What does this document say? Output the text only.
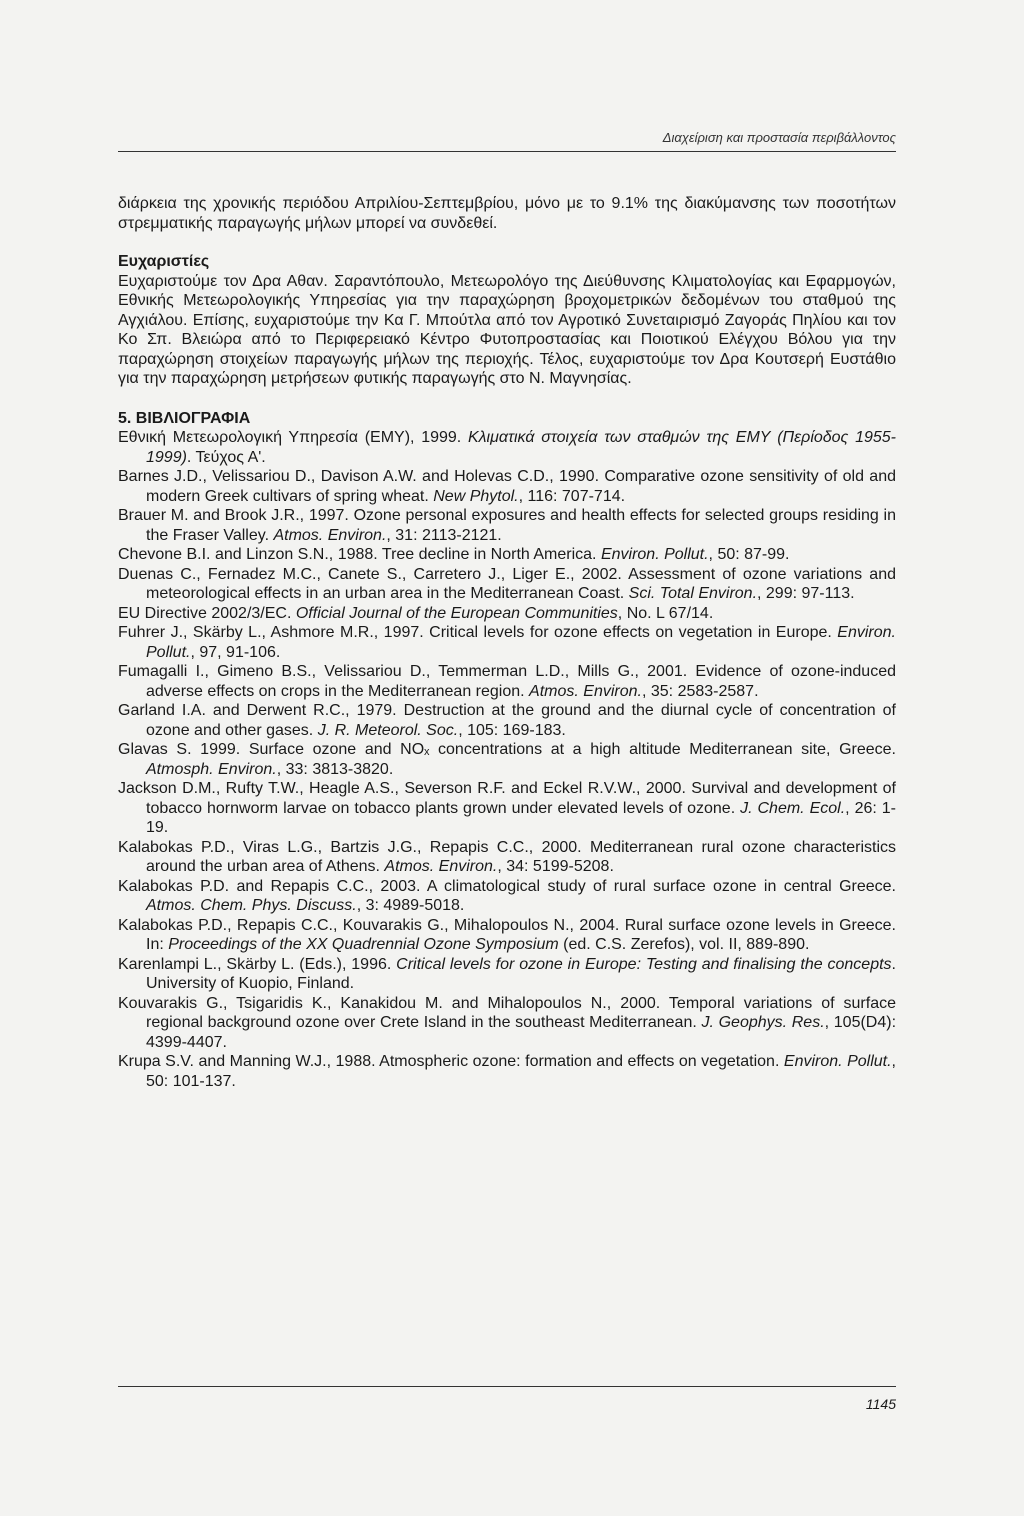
Διαχείριση και προστασία περιβάλλοντος

διάρκεια της χρονικής περιόδου Απριλίου-Σεπτεμβρίου, μόνο με το 9.1% της διακύμανσης των ποσοτήτων στρεμματικής παραγωγής μήλων μπορεί να συνδεθεί.

Ευχαριστίες

Ευχαριστούμε τον Δρα Αθαν. Σαραντόπουλο, Μετεωρολόγο της Διεύθυνσης Κλιματολογίας και Εφαρμογών, Εθνικής Μετεωρολογικής Υπηρεσίας για την παραχώρηση βροχομετρικών δεδομένων του σταθμού της Αγχιάλου. Επίσης, ευχαριστούμε την Κα Γ. Μπούτλα από τον Αγροτικό Συνεταιρισμό Ζαγοράς Πηλίου και τον Κο Σπ. Βλειώρα από το Περιφερειακό Κέντρο Φυτοπροστασίας και Ποιοτικού Ελέγχου Βόλου για την παραχώρηση στοιχείων παραγωγής μήλων της περιοχής. Τέλος, ευχαριστούμε τον Δρα Κουτσερή Ευστάθιο για την παραχώρηση μετρήσεων φυτικής παραγωγής στο Ν. Μαγνησίας.

5. ΒΙΒΛΙΟΓΡΑΦΙΑ

Εθνική Μετεωρολογική Υπηρεσία (ΕΜΥ), 1999. Κλιματικά στοιχεία των σταθμών της ΕΜΥ (Περίοδος 1955-1999). Τεύχος Α'.

Barnes J.D., Velissariou D., Davison A.W. and Holevas C.D., 1990. Comparative ozone sensitivity of old and modern Greek cultivars of spring wheat. New Phytol., 116: 707-714.

Brauer M. and Brook J.R., 1997. Ozone personal exposures and health effects for selected groups residing in the Fraser Valley. Atmos. Environ., 31: 2113-2121.

Chevone B.I. and Linzon S.N., 1988. Tree decline in North America. Environ. Pollut., 50: 87-99.

Duenas C., Fernadez M.C., Canete S., Carretero J., Liger E., 2002. Assessment of ozone variations and meteorological effects in an urban area in the Mediterranean Coast. Sci. Total Environ., 299: 97-113.

EU Directive 2002/3/EC. Official Journal of the European Communities, No. L 67/14.

Fuhrer J., Skärby L., Ashmore M.R., 1997. Critical levels for ozone effects on vegetation in Europe. Environ. Pollut., 97, 91-106.

Fumagalli I., Gimeno B.S., Velissariou D., Temmerman L.D., Mills G., 2001. Evidence of ozone-induced adverse effects on crops in the Mediterranean region. Atmos. Environ., 35: 2583-2587.

Garland I.A. and Derwent R.C., 1979. Destruction at the ground and the diurnal cycle of concentration of ozone and other gases. J. R. Meteorol. Soc., 105: 169-183.

Glavas S. 1999. Surface ozone and NOₓ concentrations at a high altitude Mediterranean site, Greece. Atmosph. Environ., 33: 3813-3820.

Jackson D.M., Rufty T.W., Heagle A.S., Severson R.F. and Eckel R.V.W., 2000. Survival and development of tobacco hornworm larvae on tobacco plants grown under elevated levels of ozone. J. Chem. Ecol., 26: 1-19.

Kalabokas P.D., Viras L.G., Bartzis J.G., Repapis C.C., 2000. Mediterranean rural ozone characteristics around the urban area of Athens. Atmos. Environ., 34: 5199-5208.

Kalabokas P.D. and Repapis C.C., 2003. A climatological study of rural surface ozone in central Greece. Atmos. Chem. Phys. Discuss., 3: 4989-5018.

Kalabokas P.D., Repapis C.C., Kouvarakis G., Mihalopoulos N., 2004. Rural surface ozone levels in Greece. In: Proceedings of the XX Quadrennial Ozone Symposium (ed. C.S. Zerefos), vol. II, 889-890.

Karenlampi L., Skärby L. (Eds.), 1996. Critical levels for ozone in Europe: Testing and finalising the concepts. University of Kuopio, Finland.

Kouvarakis G., Tsigaridis K., Kanakidou M. and Mihalopoulos N., 2000. Temporal variations of surface regional background ozone over Crete Island in the southeast Mediterranean. J. Geophys. Res., 105(D4): 4399-4407.

Krupa S.V. and Manning W.J., 1988. Atmospheric ozone: formation and effects on vegetation. Environ. Pollut., 50: 101-137.

1145
